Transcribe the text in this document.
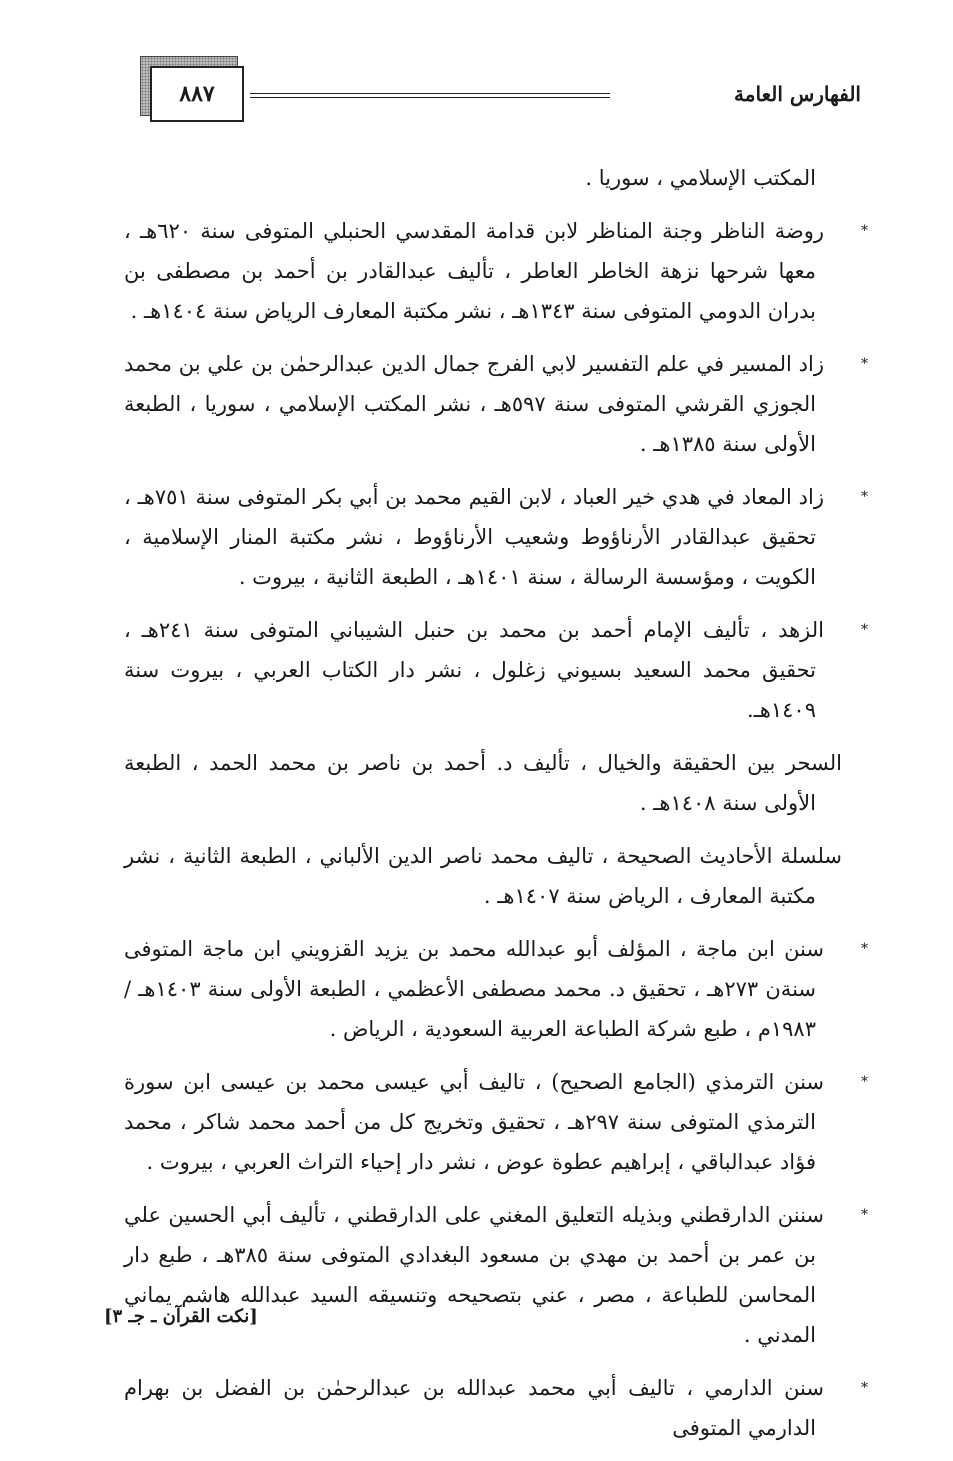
الفهارس العامة
٨٨٧

المكتب الإسلامي ، سوريا .

*روضة الناظر وجنة المناظر لابن قدامة المقدسي الحنبلي المتوفى سنة ٦٢٠هـ ، معها شرحها نزهة الخاطر العاطر ، تأليف عبدالقادر بن أحمد بن مصطفى بن بدران الدومي المتوفى سنة ١٣٤٣هـ ، نشر مكتبة المعارف الرياض سنة ١٤٠٤هـ .

*زاد المسير في علم التفسير لابي الفرج جمال الدين عبدالرحمٰن بن علي بن محمد الجوزي القرشي المتوفى سنة ٥٩٧هـ ، نشر المكتب الإسلامي ، سوريا ، الطبعة الأولى سنة ١٣٨٥هـ .

*زاد المعاد في هدي خير العباد ، لابن القيم محمد بن أبي بكر المتوفى سنة ٧٥١هـ ، تحقيق عبدالقادر الأرناؤوط وشعيب الأرناؤوط ، نشر مكتبة المنار الإسلامية ، الكويت ، ومؤسسة الرسالة ، سنة ١٤٠١هـ ، الطبعة الثانية ، بيروت .

*الزهد ، تأليف الإمام أحمد بن محمد بن حنبل الشيباني المتوفى سنة ٢٤١هـ ، تحقيق محمد السعيد بسيوني زغلول ، نشر دار الكتاب العربي ، بيروت سنة ١٤٠٩هـ.

السحر بين الحقيقة والخيال ، تأليف د. أحمد بن ناصر بن محمد الحمد ، الطبعة الأولى سنة ١٤٠٨هـ .

سلسلة الأحاديث الصحيحة ، تاليف محمد ناصر الدين الألباني ، الطبعة الثانية ، نشر مكتبة المعارف ، الرياض سنة ١٤٠٧هـ .

*سنن ابن ماجة ، المؤلف أبو عبدالله محمد بن يزيد القزويني ابن ماجة المتوفى سنةن ٢٧٣هـ ، تحقيق د. محمد مصطفى الأعظمي ، الطبعة الأولى سنة ١٤٠٣هـ /١٩٨٣م ، طبع شركة الطباعة العربية السعودية ، الرياض .

*سنن الترمذي (الجامع الصحيح) ، تاليف أبي عيسى محمد بن عيسى ابن سورة الترمذي المتوفى سنة ٢٩٧هـ ، تحقيق وتخريج كل من أحمد محمد شاكر ، محمد فؤاد عبدالباقي ، إبراهيم عطوة عوض ، نشر دار إحياء التراث العربي ، بيروت .

*سننن الدارقطني وبذيله التعليق المغني على الدارقطني ، تأليف أبي الحسين علي بن عمر بن أحمد بن مهدي بن مسعود البغدادي المتوفى سنة ٣٨٥هـ ، طبع دار المحاسن للطباعة ، مصر ، عني بتصحيحه وتنسيقه السيد عبدالله هاشم يماني المدني .

*سنن الدارمي ، تاليف أبي محمد عبدالله بن عبدالرحمٰن بن الفضل بن بهرام الدارمي المتوفى

[نكت القرآن ـ جـ ٣]
